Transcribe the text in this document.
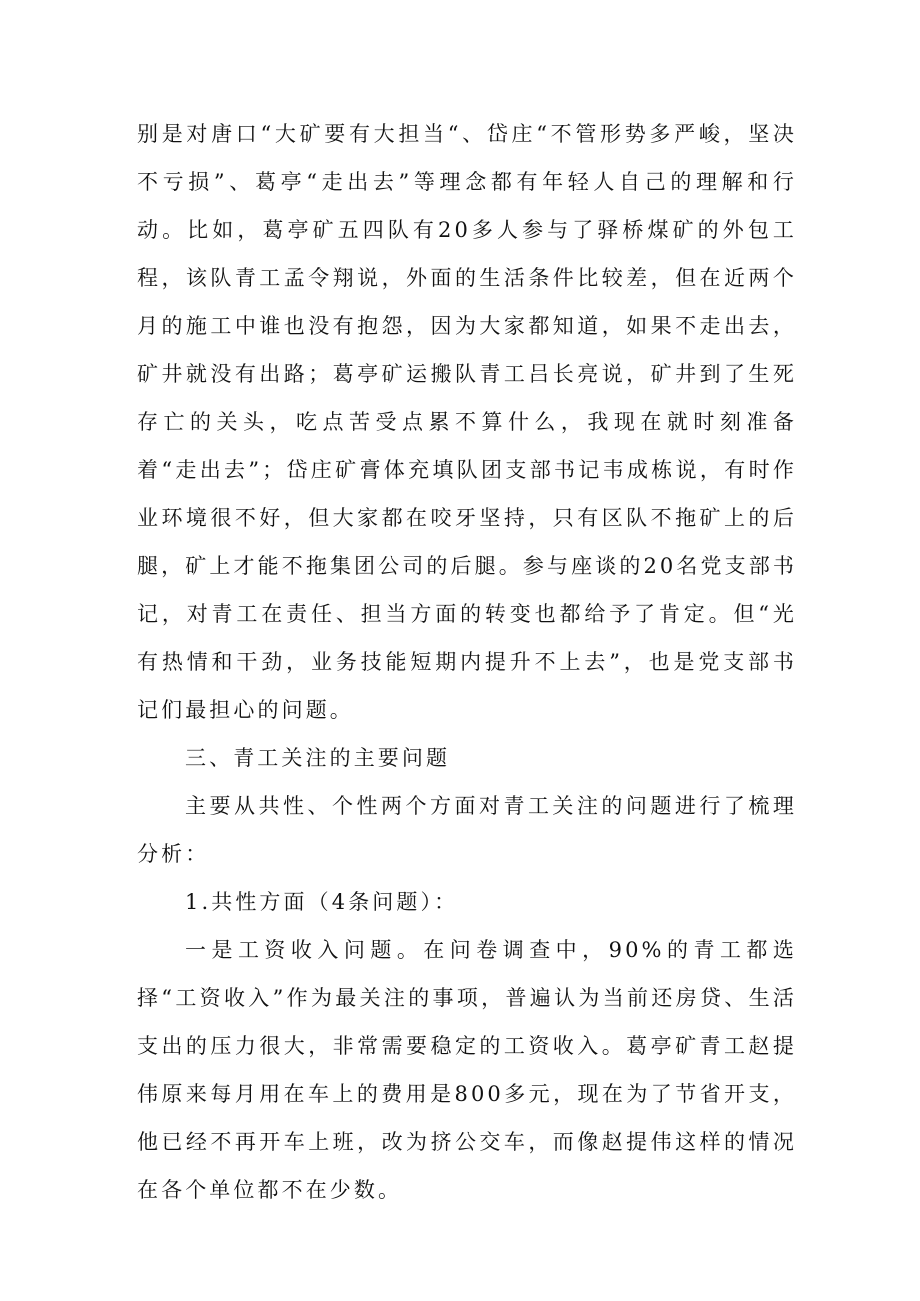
别是对唐口“大矿要有大担当“、岱庄“不管形势多严峻，坚决不亏损”、葛亭“走出去”等理念都有年轻人自己的理解和行动。比如，葛亭矿五四队有20多人参与了驿桥煤矿的外包工程，该队青工孟令翔说，外面的生活条件比较差，但在近两个月的施工中谁也没有抱怨，因为大家都知道，如果不走出去，矿井就没有出路；葛亭矿运搬队青工吕长亮说，矿井到了生死存亡的关头，吃点苦受点累不算什么，我现在就时刻准备着“走出去”；岱庄矿膏体充填队团支部书记韦成栋说，有时作业环境很不好，但大家都在咬牙坚持，只有区队不拖矿上的后腿，矿上才能不拖集团公司的后腿。参与座谈的20名党支部书记，对青工在责任、担当方面的转变也都给予了肯定。但“光有热情和干劲，业务技能短期内提升不上去”，也是党支部书记们最担心的问题。

三、青工关注的主要问题

主要从共性、个性两个方面对青工关注的问题进行了梳理分析：

1.共性方面（4条问题）：

一是工资收入问题。在问卷调查中，90%的青工都选择“工资收入”作为最关注的事项，普遍认为当前还房贷、生活支出的压力很大，非常需要稳定的工资收入。葛亭矿青工赵提伟原来每月用在车上的费用是800多元，现在为了节省开支，他已经不再开车上班，改为挤公交车，而像赵提伟这样的情况在各个单位都不在少数。
